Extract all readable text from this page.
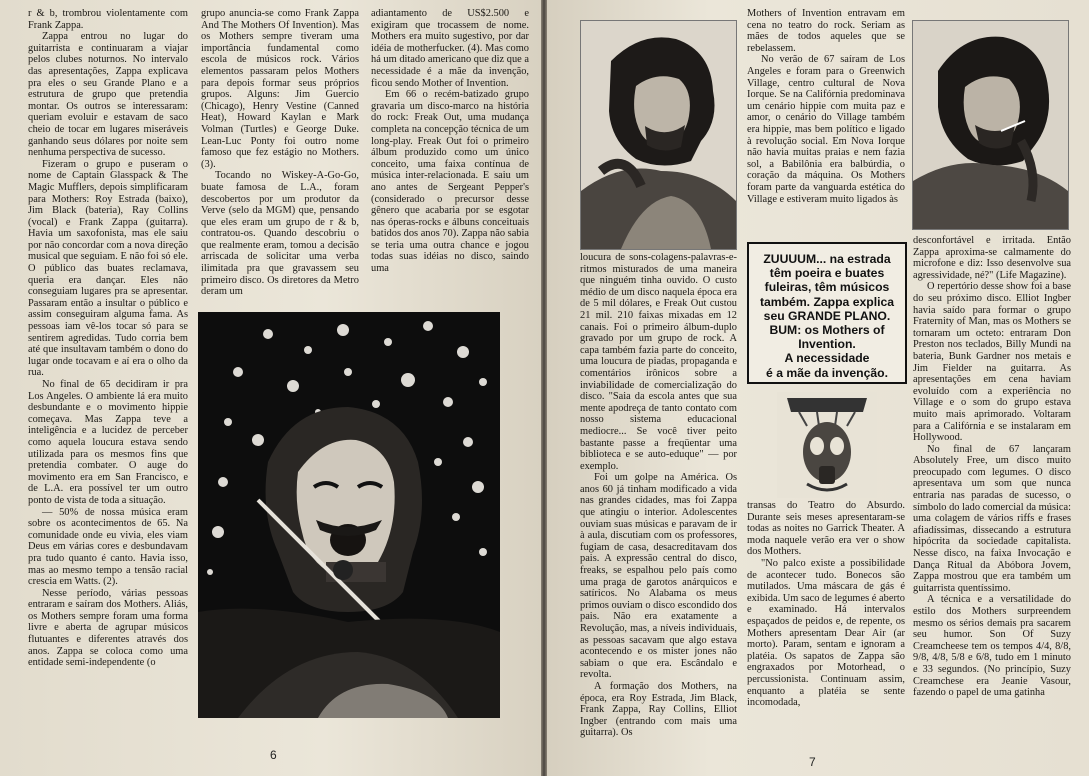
r & b, trombrou violentamente com Frank Zappa.

Zappa entrou no lugar do guitarrista e continuaram a viajar pelos clubes noturnos. No intervalo das apresentações, Zappa explicava pra eles o seu Grande Plano e a estrutura de grupo que pretendia montar. Os outros se interessaram: queriam evoluir e estavam de saco cheio de tocar em lugares miseráveis ganhando seus dólares por noite sem nenhuma perspectiva de sucesso.

Fizeram o grupo e puseram o nome de Captain Glasspack & The Magic Mufflers, depois simplificaram para Mothers: Roy Estrada (baixo), Jim Black (bateria), Ray Collins (vocal) e Frank Zappa (guitarra). Havia um saxofonista, mas ele saiu por não concordar com a nova direção musical que seguiam. E não foi só ele. O público das buates reclamava, queria era dançar. Eles não conseguiam lugares pra se apresentar. Passaram então a insultar o público e assim conseguiram alguma fama. As pessoas iam vê-los tocar só para se sentirem agredidas. Tudo corria bem até que insultavam também o dono do lugar onde tocavam e aí era o olho da rua.

No final de 65 decidiram ir pra Los Angeles. O ambiente lá era muito desbundante e o movimento hippie começava. Mas Zappa teve a inteligência e a lucidez de perceber como aquela loucura estava sendo utilizada para os mesmos fins que pretendia combater. O auge do movimento era em San Francisco, e de L.A. era possível ter um outro ponto de vista de toda a situação.

— 50% de nossa música eram sobre os acontecimentos de 65. Na comunidade onde eu vivia, eles viam Deus em várias cores e desbundavam pra tudo quanto é canto. Havia isso, mas ao mesmo tempo a tensão racial crescia em Watts. (2).

Nesse período, várias pessoas entraram e saíram dos Mothers. Aliás, os Mothers sempre foram uma forma livre e aberta de agrupar músicos flutuantes e diferentes através dos anos. Zappa se coloca como uma entidade semi-independente (o

grupo anuncia-se como Frank Zappa And The Mothers Of Invention). Mas os Mothers sempre tiveram uma importância fundamental como escola de músicos rock. Vários elementos passaram pelos Mothers para depois formar seus próprios grupos. Alguns: Jim Guercio (Chicago), Henry Vestine (Canned Heat), Howard Kaylan e Mark Volman (Turtles) e George Duke. Lean-Luc Ponty foi outro nome famoso que fez estágio no Mothers. (3).

Tocando no Wiskey-A-Go-Go, buate famosa de L.A., foram descobertos por um produtor da Verve (selo da MGM) que, pensando que eles eram um grupo de r & b, contratou-os. Quando descobriu o que realmente eram, tomou a decisão arriscada de solicitar uma verba ilimitada pra que gravassem seu primeiro disco. Os diretores da Metro deram um

adiantamento de US$2.500 e exigiram que trocassem de nome. Mothers era muito sugestivo, por dar idéia de motherfucker. (4). Mas como há um ditado americano que diz que a necessidade é a mãe da invenção, ficou sendo Mother of Invention.

Em 66 o recém-batizado grupo gravaria um disco-marco na história do rock: Freak Out, uma mudança completa na concepção técnica de um long-play. Freak Out foi o primeiro álbum produzido como um único conceito, uma faixa contínua de música inter-relacionada. E saiu um ano antes de Sergeant Pepper's (considerado o precursor desse gênero que acabaria por se esgotar nas óperas-rocks e álbuns conceituais batidos dos anos 70). Zappa não sabia se teria uma outra chance e jogou todas suas idéias no disco, saindo uma

6

loucura de sons-colagens-palavras-e-ritmos misturados de uma maneira que ninguém tinha ouvido. O custo médio de um disco naquela época era de 5 mil dólares, e Freak Out custou 21 mil. 210 faixas mixadas em 12 canais. Foi o primeiro álbum-duplo gravado por um grupo de rock. A capa também fazia parte do conceito, uma loucura de piadas, propaganda e comentários irônicos sobre a inviabilidade de comercialização do disco. "Saia da escola antes que sua mente apodreça de tanto contato com nosso sistema educacional mediocre... Se você tiver peito bastante passe a freqüentar uma biblioteca e se auto-eduque" — por exemplo.

Foi um golpe na América. Os anos 60 já tinham modificado a vida nas grandes cidades, mas foi Zappa que atingiu o interior. Adolescentes ouviam suas músicas e paravam de ir à aula, discutiam com os professores, fugiam de casa, desacreditavam dos pais. A expressão central do disco, freaks, se espalhou pelo país como uma praga de garotos anárquicos e satíricos. No Alabama os meus primos ouviam o disco escondido dos pais. Não era exatamente a Revolução, mas, a níveis individuais, as pessoas sacavam que algo estava acontecendo e os mister jones não sabiam o que era. Escândalo e revolta.

A formação dos Mothers, na época, era Roy Estrada, Jim Black, Frank Zappa, Ray Collins, Elliot Ingber (entrando com mais uma guitarra). Os

Mothers of Invention entravam em cena no teatro do rock. Seriam as mães de todos aqueles que se rebelassem.

No verão de 67 saíram de Los Angeles e foram para o Greenwich Village, centro cultural de Nova Iorque. Se na Califórnia predominava um cenário hippie com muita paz e amor, o cenário do Village também era hippie, mas bem político e ligado à revolução social. Em Nova Iorque não havia muitas praias e nem fazia sol, a Babilônia era balbúrdia, o coração da máquina. Os Mothers foram parte da vanguarda estética do Village e estiveram muito ligados às

ZUUUUM... na estrada
têm poeira e buates
fuleiras, têm músicos
também. Zappa explica
seu GRANDE PLANO.
BUM: os Mothers of
Invention.
A necessidade
é a mãe da invenção.

transas do Teatro do Absurdo. Durante seis meses apresentaram-se todas as noites no Garrick Theater. A moda naquele verão era ver o show dos Mothers.

"No palco existe a possibilidade de acontecer tudo. Bonecos são mutilados. Uma máscara de gás é exibida. Um saco de legumes é aberto e examinado. Há intervalos espaçados de peidos e, de repente, os Mothers apresentam Dear Air (ar morto). Param, sentam e ignoram a platéia. Os sapatos de Zappa são engraxados por Motorhead, o percussionista. Continuam assim, enquanto a platéia se sente incomodada,

desconfortável e irritada. Então Zappa aproxima-se calmamente do microfone e diz: Isso desenvolve sua agressividade, né?" (Life Magazine).

O repertório desse show foi a base do seu próximo disco. Elliot Ingber havia saído para formar o grupo Fraternity of Man, mas os Mothers se tornaram um octeto: entraram Don Preston nos teclados, Billy Mundi na bateria, Bunk Gardner nos metais e Jim Fielder na guitarra. As apresentações em cena haviam evoluído com a experiência no Village e o som do grupo estava muito mais aprimorado. Voltaram para a Califórnia e se instalaram em Hollywood.

No final de 67 lançaram Absolutely Free, um disco muito preocupado com legumes. O disco apresentava um som que nunca entraria nas paradas de sucesso, o símbolo do lado comercial da música: uma colagem de vários riffs e frases afiadíssimas, dissecando a estrutura hipócrita da sociedade capitalista. Nesse disco, na faixa Invocação e Dança Ritual da Abóbora Jovem, Zappa mostrou que era também um guitarrista quentíssimo.

A técnica e a versatilidade do estilo dos Mothers surpreendem mesmo os sérios demais pra sacarem seu humor. Son Of Suzy Creamcheese tem os tempos 4/4, 8/8, 9/8, 4/8, 5/8 e 6/8, tudo em 1 minuto e 33 segundos. (No princípio, Suzy Creamchese era Jeanie Vasour, fazendo o papel de uma gatinha

7
